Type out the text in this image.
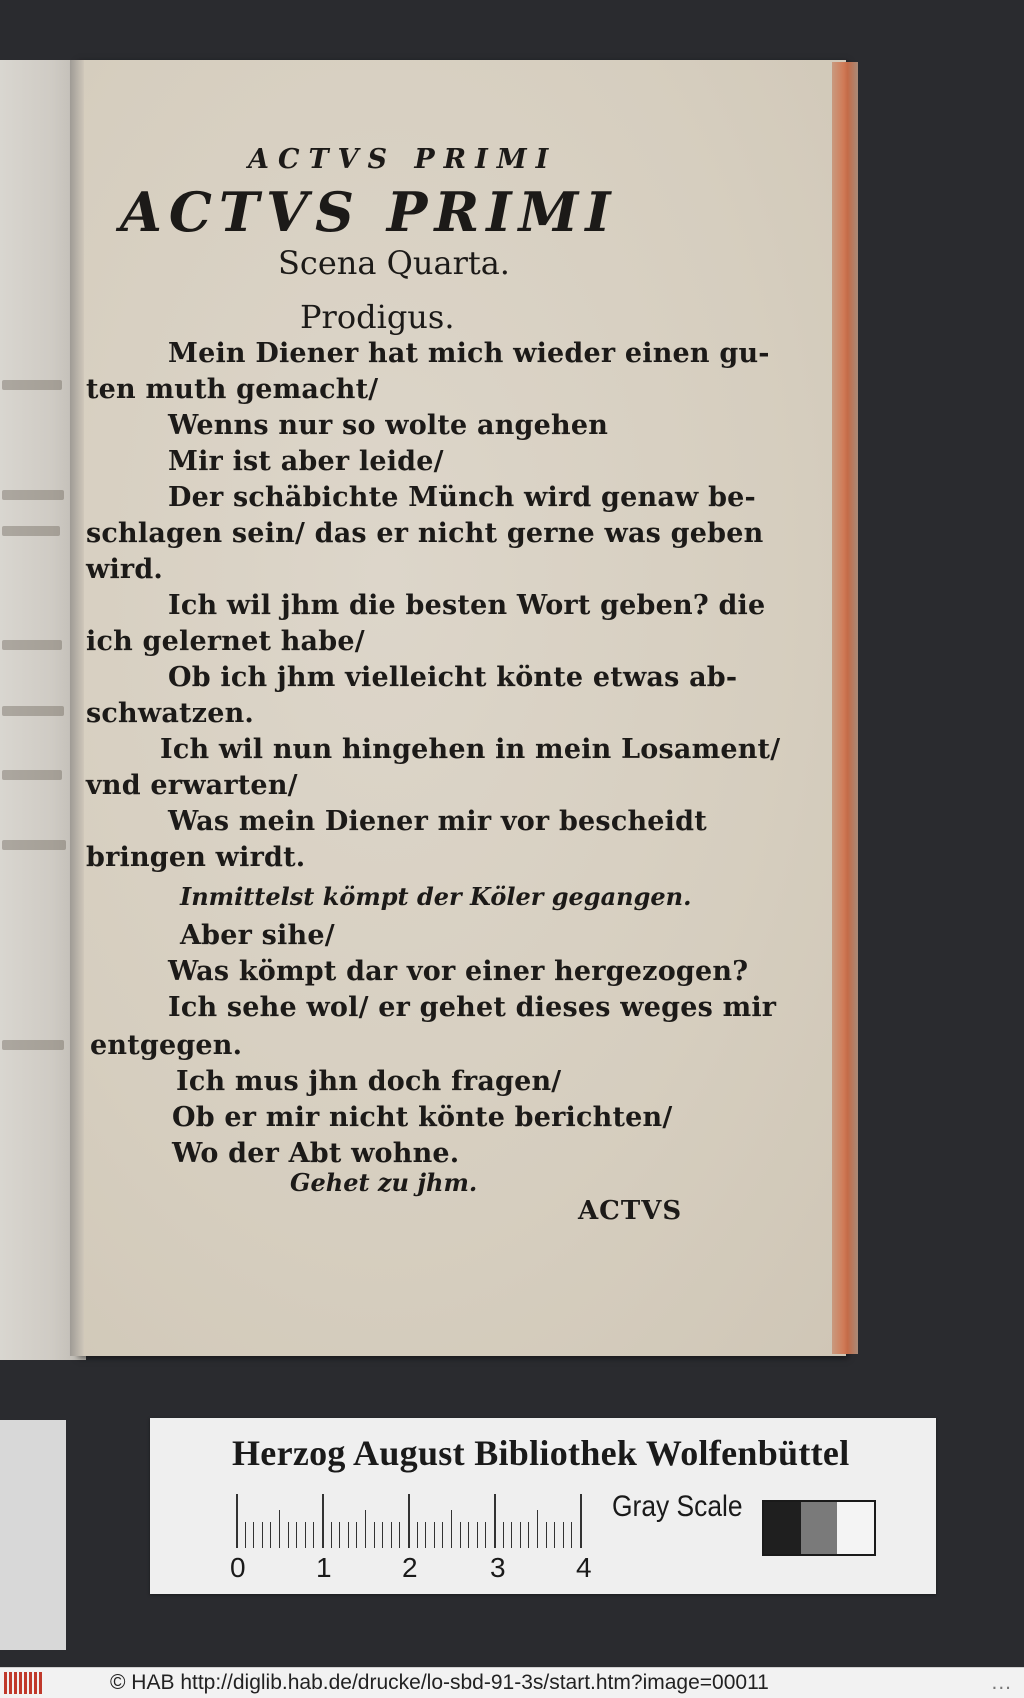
ACTVS PRIMI
ACTVS PRIMI
Scena Quarta.
Prodigus.
Mein Diener hat mich wieder einen gu-
ten muth gemacht/
Wenns nur so wolte angehen
Mir ist aber leide/
Der schäbichte Münch wird genaw be-
schlagen sein/ das er nicht gerne was geben
wird.
Ich wil jhm die besten Wort geben? die
ich gelernet habe/
Ob ich jhm vielleicht könte etwas ab-
schwatzen.
Ich wil nun hingehen in mein Losament/
vnd erwarten/
Was mein Diener mir vor bescheidt
bringen wirdt.
Inmittelst kömpt der Köler gegangen.
Aber sihe/
Was kömpt dar vor einer hergezogen?
Ich sehe wol/ er gehet dieses weges mir
entgegen.
Ich mus jhn doch fragen/
Ob er mir nicht könte berichten/
Wo der Abt wohne.
Gehet zu jhm.
ACTVS
Herzog August Bibliothek Wolfenbüttel
0	1	2	3	4
Gray Scale
© HAB http://diglib.hab.de/drucke/lo-sbd-91-3s/start.htm?image=00011	...
